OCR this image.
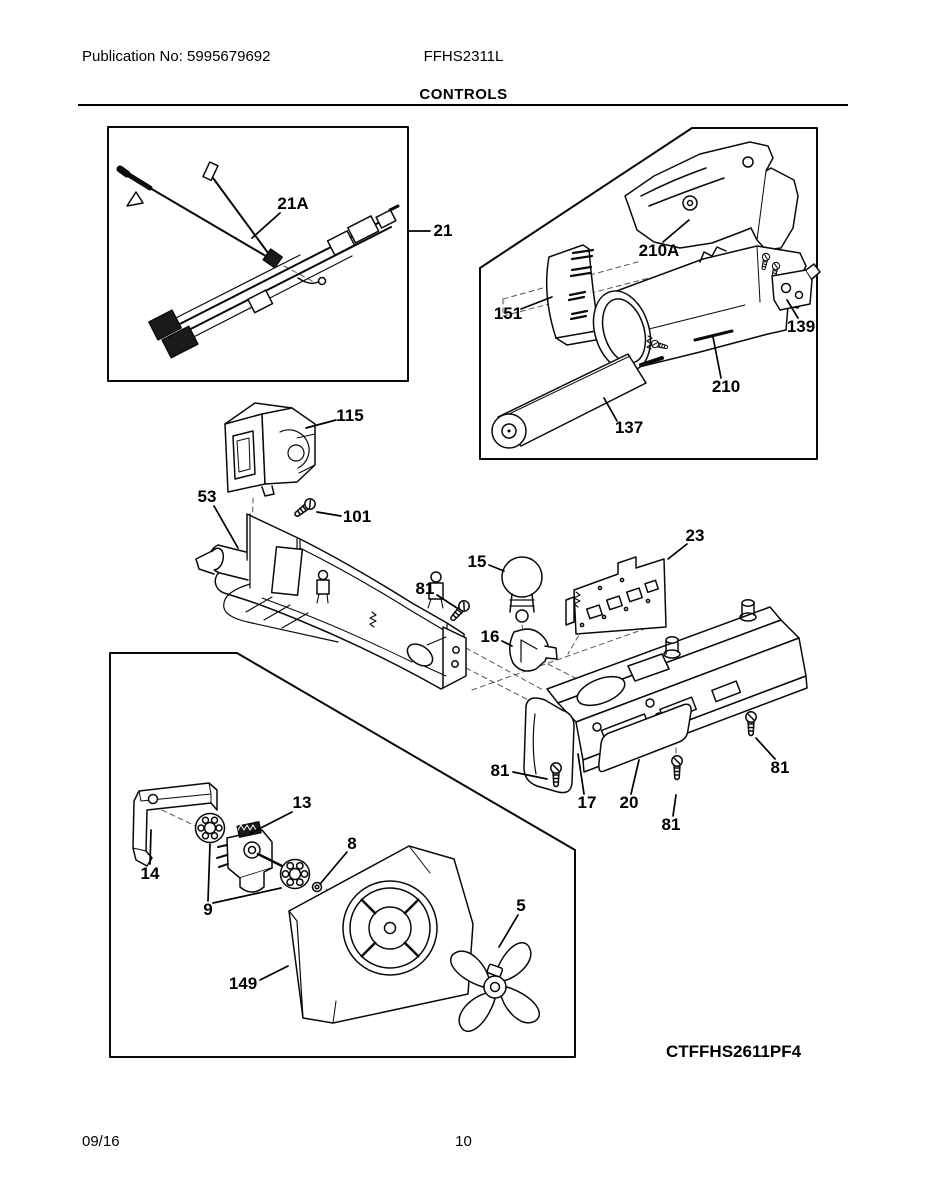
Publication No: 5995679692	FFHS2311L
CONTROLS
21A
21
210A
151
139
210
137
115
53
101
15
81
23
16
81
17 20
81
81
14
13
9
8
149
5
CTFFHS2611PF4
09/16	10
